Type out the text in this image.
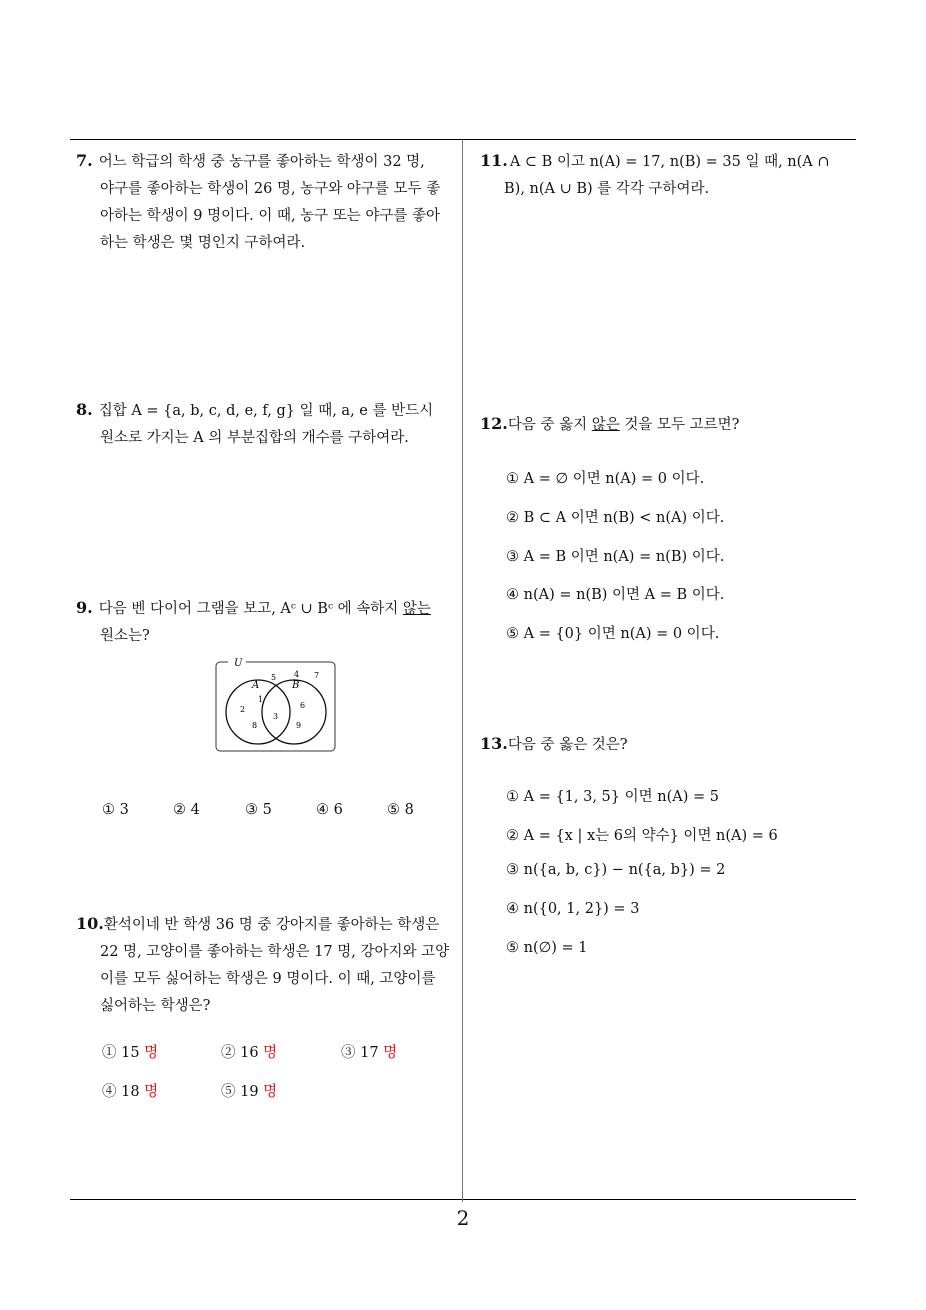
7. 어느 학급의 학생 중 농구를 좋아하는 학생이 32 명,
야구를 좋아하는 학생이 26 명, 농구와 야구를 모두 좋
아하는 학생이 9 명이다. 이 때, 농구 또는 야구를 좋아
하는 학생은 몇 명인지 구하여라.
8. 집합 A = {a, b, c, d, e, f, g} 일 때, a, e 를 반드시
원소로 가지는 A 의 부분집합의 개수를 구하여라.
9. 다음 벤 다이어 그램을 보고, Aᶜ ∪ Bᶜ 에 속하지 않는
원소는?
U
A	B
1
2
8
3
6
9
5 4 7
① 3	② 4	③ 5	④ 6	⑤ 8
10.환석이네 반 학생 36 명 중 강아지를 좋아하는 학생은
22 명, 고양이를 좋아하는 학생은 17 명, 강아지와 고양
이를 모두 싫어하는 학생은 9 명이다. 이 때, 고양이를
싫어하는 학생은?
① 15 명	② 16 명	③ 17 명
④ 18 명	⑤ 19 명
11. A ⊂ B 이고 n(A) = 17, n(B) = 35 일 때, n(A ∩
B), n(A ∪ B) 를 각각 구하여라.
12.다음 중 옳지 않은 것을 모두 고르면?
① A = ∅ 이면 n(A) = 0 이다.
② B ⊂ A 이면 n(B) < n(A) 이다.
③ A = B 이면 n(A) = n(B) 이다.
④ n(A) = n(B) 이면 A = B 이다.
⑤ A = {0} 이면 n(A) = 0 이다.
13.다음 중 옳은 것은?
① A = {1, 3, 5} 이면 n(A) = 5
② A = {x | x는 6의 약수} 이면 n(A) = 6
③ n({a, b, c}) − n({a, b}) = 2
④ n({0, 1, 2}) = 3
⑤ n(∅) = 1
2
